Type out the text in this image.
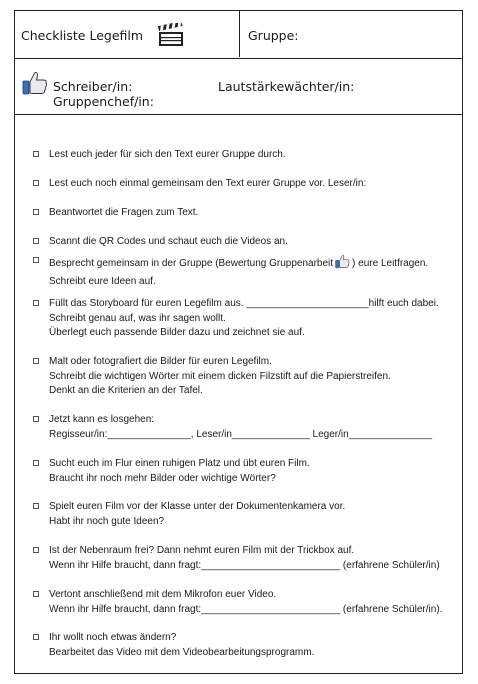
Checkliste Legefilm	Gruppe:
Schreiber/in:
Gruppenchef/in:
Lautstärkewächter/in:
Lest euch jeder für sich den Text eurer Gruppe durch.
Lest euch noch einmal gemeinsam den Text eurer Gruppe vor. Leser/in:
Beantwortet die Fragen zum Text.
Scannt die QR Codes und schaut euch die Videos an.
Besprecht gemeinsam in der Gruppe (Bewertung Gruppenarbeit ) eure Leitfragen.
Schreibt eure Ideen auf.
Füllt das Storyboard für euren Legefilm aus. ______________________hilft euch dabei.
Schreibt genau auf, was ihr sagen wollt.
Überlegt euch passende Bilder dazu und zeichnet sie auf.
Malt oder fotografiert die Bilder für euren Legefilm.
Schreibt die wichtigen Wörter mit einem dicken Filzstift auf die Papierstreifen.
Denkt an die Kriterien an der Tafel.
Jetzt kann es losgehen:
Regisseur/in:_______________, Leser/in______________ Leger/in_______________
Sucht euch im Flur einen ruhigen Platz und übt euren Film.
Braucht ihr noch mehr Bilder oder wichtige Wörter?
Spielt euren Film vor der Klasse unter der Dokumentenkamera vor.
Habt ihr noch gute Ideen?
Ist der Nebenraum frei? Dann nehmt euren Film mit der Trickbox auf.
Wenn ihr Hilfe braucht, dann fragt:_________________________ (erfahrene Schüler/in)
Vertont anschließend mit dem Mikrofon euer Video.
Wenn ihr Hilfe braucht, dann fragt:_________________________ (erfahrene Schüler/in).
Ihr wollt noch etwas ändern?
Bearbeitet das Video mit dem Videobearbeitungsprogramm.
